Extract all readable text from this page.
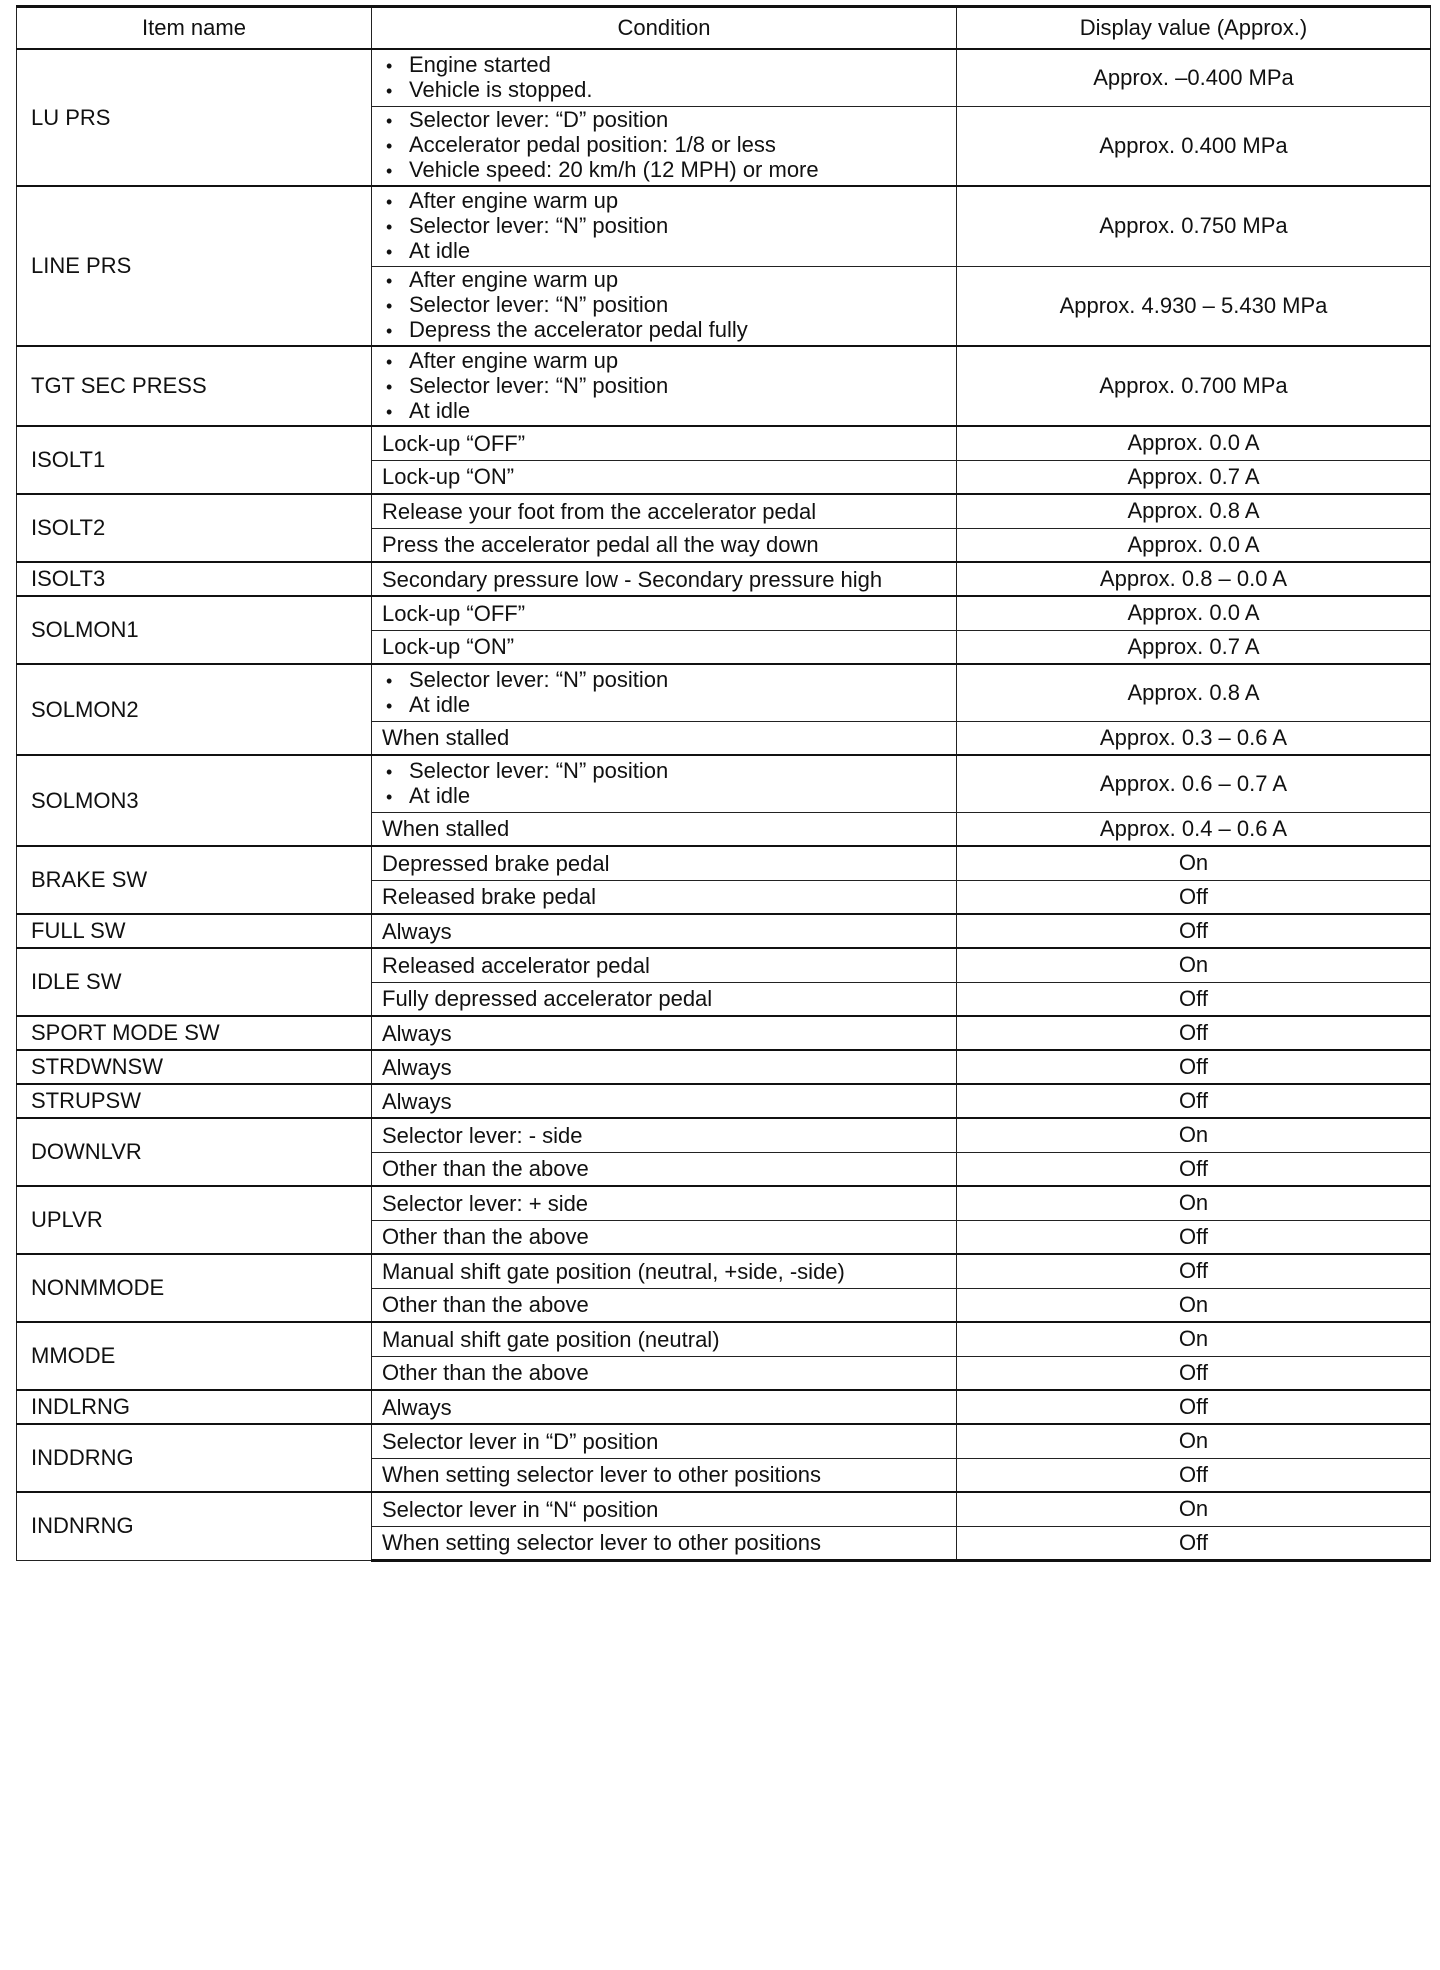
Item name	Condition	Display value (Approx.)
LU PRS	• Engine started
• Vehicle is stopped.	Approx. –0.400 MPa

	• Selector lever: “D” position
• Accelerator pedal position: 1/8 or less
• Vehicle speed: 20 km/h (12 MPH) or more	Approx. 0.400 MPa
LINE PRS	• After engine warm up
• Selector lever: “N” position
• At idle	Approx. 0.750 MPa

	• After engine warm up
• Selector lever: “N” position
• Depress the accelerator pedal fully	Approx. 4.930 – 5.430 MPa
TGT SEC PRESS	• After engine warm up
• Selector lever: “N” position
• At idle	Approx. 0.700 MPa
ISOLT1	Lock-up “OFF”	Approx. 0.0 A

	Lock-up “ON”	Approx. 0.7 A
ISOLT2	Release your foot from the accelerator pedal	Approx. 0.8 A

	Press the accelerator pedal all the way down	Approx. 0.0 A
ISOLT3	Secondary pressure low - Secondary pressure high	Approx. 0.8 – 0.0 A
SOLMON1	Lock-up “OFF”	Approx. 0.0 A

	Lock-up “ON”	Approx. 0.7 A
SOLMON2	• Selector lever: “N” position
• At idle	Approx. 0.8 A

	When stalled	Approx. 0.3 – 0.6 A
SOLMON3	• Selector lever: “N” position
• At idle	Approx. 0.6 – 0.7 A

	When stalled	Approx. 0.4 – 0.6 A
BRAKE SW	Depressed brake pedal	On

	Released brake pedal	Off
FULL SW	Always	Off
IDLE SW	Released accelerator pedal	On

	Fully depressed accelerator pedal	Off
SPORT MODE SW	Always	Off
STRDWNSW	Always	Off
STRUPSW	Always	Off
DOWNLVR	Selector lever: - side	On

	Other than the above	Off
UPLVR	Selector lever: + side	On

	Other than the above	Off
NONMMODE	Manual shift gate position (neutral, +side, -side)	Off

	Other than the above	On
MMODE	Manual shift gate position (neutral)	On

	Other than the above	Off
INDLRNG	Always	Off
INDDRNG	Selector lever in “D” position	On

	When setting selector lever to other positions	Off
INDNRNG	Selector lever in “N“ position	On

	When setting selector lever to other positions	Off
